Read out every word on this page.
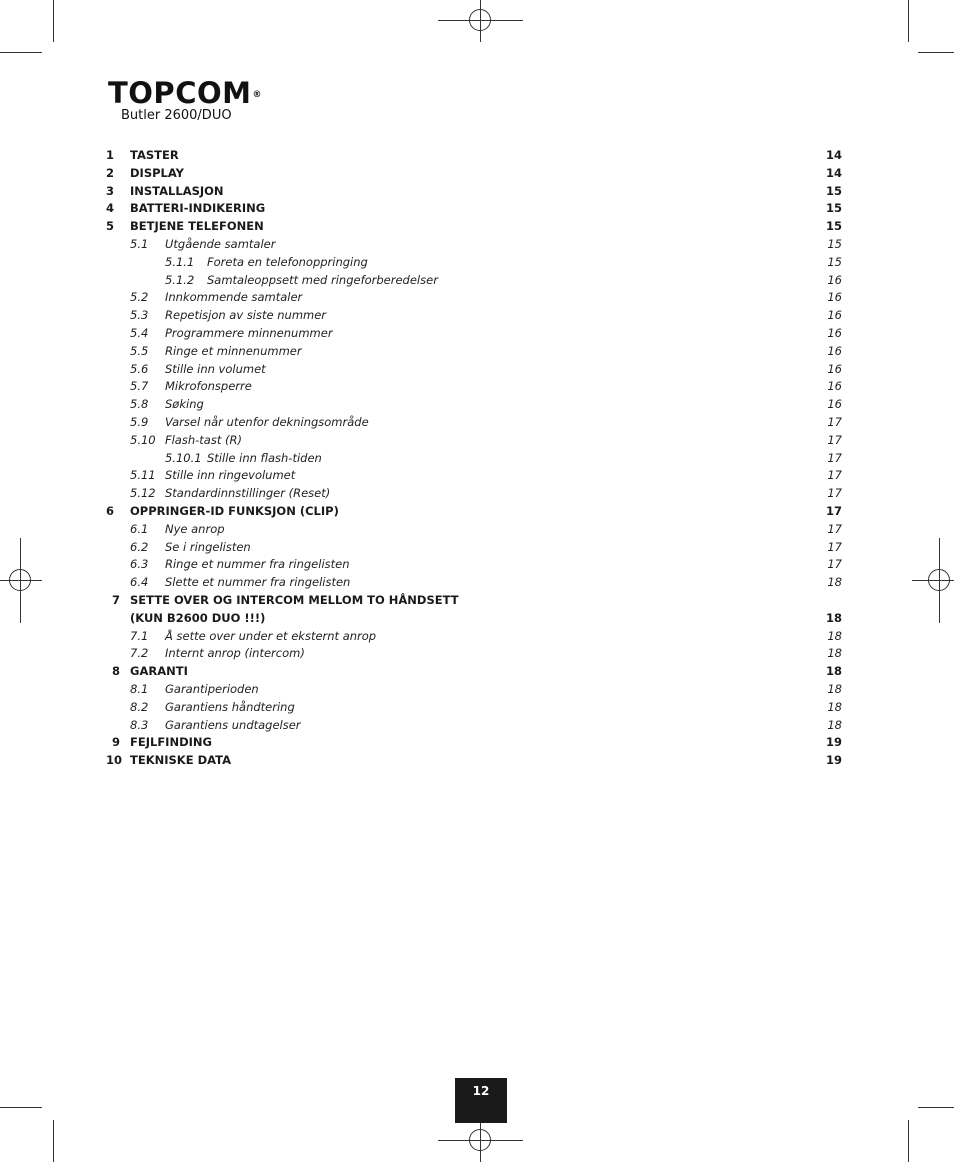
TOPCOM®
Butler 2600/DUO
1 TASTER	14
2 DISPLAY	14
3 INSTALLASJON	15
4 BATTERI-INDIKERING	15
5 BETJENE TELEFONEN	15
5.1 Utgående samtaler	15
5.1.1 Foreta en telefonoppringing	15
5.1.2 Samtaleoppsett med ringeforberedelser	16
5.2 Innkommende samtaler	16
5.3 Repetisjon av siste nummer	16
5.4 Programmere minnenummer	16
5.5 Ringe et minnenummer	16
5.6 Stille inn volumet	16
5.7 Mikrofonsperre	16
5.8 Søking	16
5.9 Varsel når utenfor dekningsområde	17
5.10 Flash-tast (R)	17
5.10.1 Stille inn flash-tiden	17
5.11 Stille inn ringevolumet	17
5.12 Standardinnstillinger (Reset)	17
6 OPPRINGER-ID FUNKSJON (CLIP)	17
6.1 Nye anrop	17
6.2 Se i ringelisten	17
6.3 Ringe et nummer fra ringelisten	17
6.4 Slette et nummer fra ringelisten	18
7 SETTE OVER OG INTERCOM MELLOM TO HÅNDSETT
(KUN B2600 DUO !!!)	18
7.1 Å sette over under et eksternt anrop	18
7.2 Internt anrop (intercom)	18
8 GARANTI	18
8.1 Garantiperioden	18
8.2 Garantiens håndtering	18
8.3 Garantiens undtagelser	18
9 FEJLFINDING	19
10 TEKNISKE DATA	19
12
